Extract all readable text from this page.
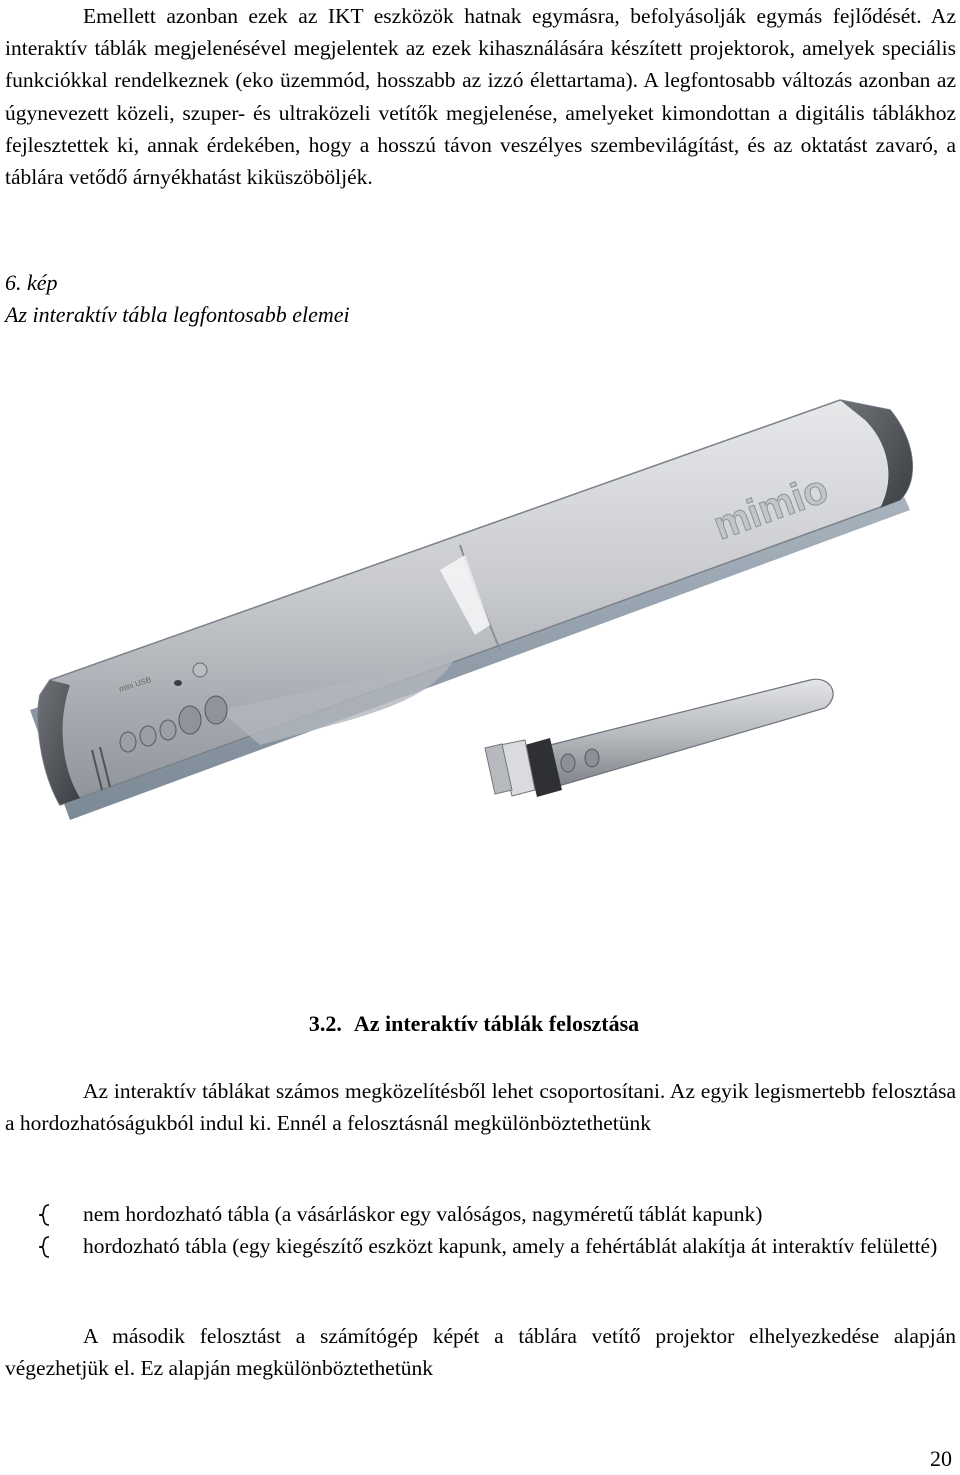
Emellett azonban ezek az IKT eszközök hatnak egymásra, befolyásolják egymás fejlődését. Az interaktív táblák megjelenésével megjelentek az ezek kihasználására készített projektorok, amelyek speciális funkciókkal rendelkeznek (eko üzemmód, hosszabb az izzó élettartama). A legfontosabb változás azonban az úgynevezett közeli, szuper- és ultraközeli vetítők megjelenése, amelyeket kimondottan a digitális táblákhoz fejlesztettek ki, annak érdekében, hogy a hosszú távon veszélyes szembevilágítást, és az oktatást zavaró, a táblára vetődő árnyékhatást kiküszöböljék.

6. kép
Az interaktív tábla legfontosabb elemei
mini USB
mimio
3.2. Az interaktív táblák felosztása

Az interaktív táblákat számos megközelítésből lehet csoportosítani. Az egyik legismertebb felosztása a hordozhatóságukból indul ki. Ennél a felosztásnál megkülönböztethetünk

nem hordozható tábla (a vásárláskor egy valóságos, nagyméretű táblát kapunk)
hordozható tábla (egy kiegészítő eszközt kapunk, amely a fehértáblát alakítja át interaktív felületté)

A második felosztást a számítógép képét a táblára vetítő projektor elhelyezkedése alapján végezhetjük el. Ez alapján megkülönböztethetünk

20
